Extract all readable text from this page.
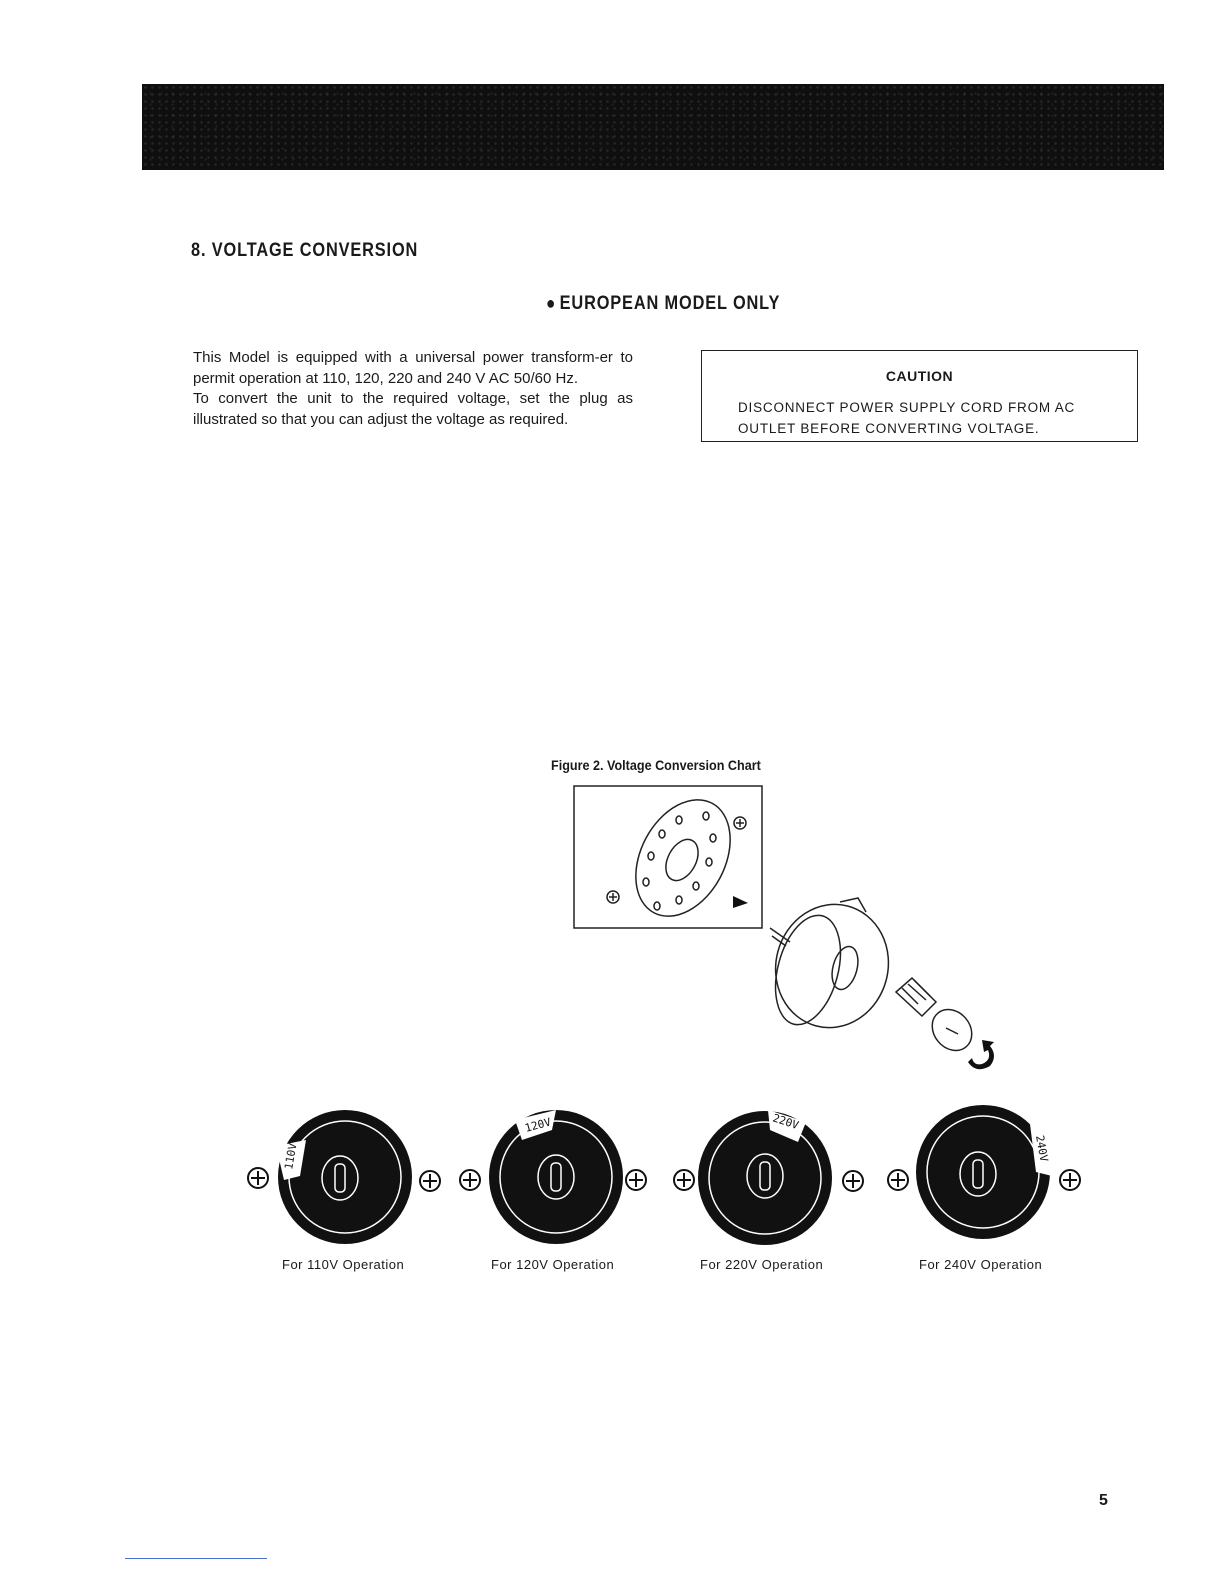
8. VOLTAGE CONVERSION
● EUROPEAN MODEL ONLY

This Model is equipped with a universal power transform-er to permit operation at 110, 120, 220 and 240 V AC 50/60 Hz.

To convert the unit to the required voltage, set the plug as illustrated so that you can adjust the voltage as required.

CAUTION
DISCONNECT POWER SUPPLY CORD FROM AC OUTLET BEFORE CONVERTING VOLTAGE.
Figure 2. Voltage Conversion Chart
110V
120V	220V
240V
For 110V Operation	For 120V Operation	For 220V Operation	For 240V Operation
5
